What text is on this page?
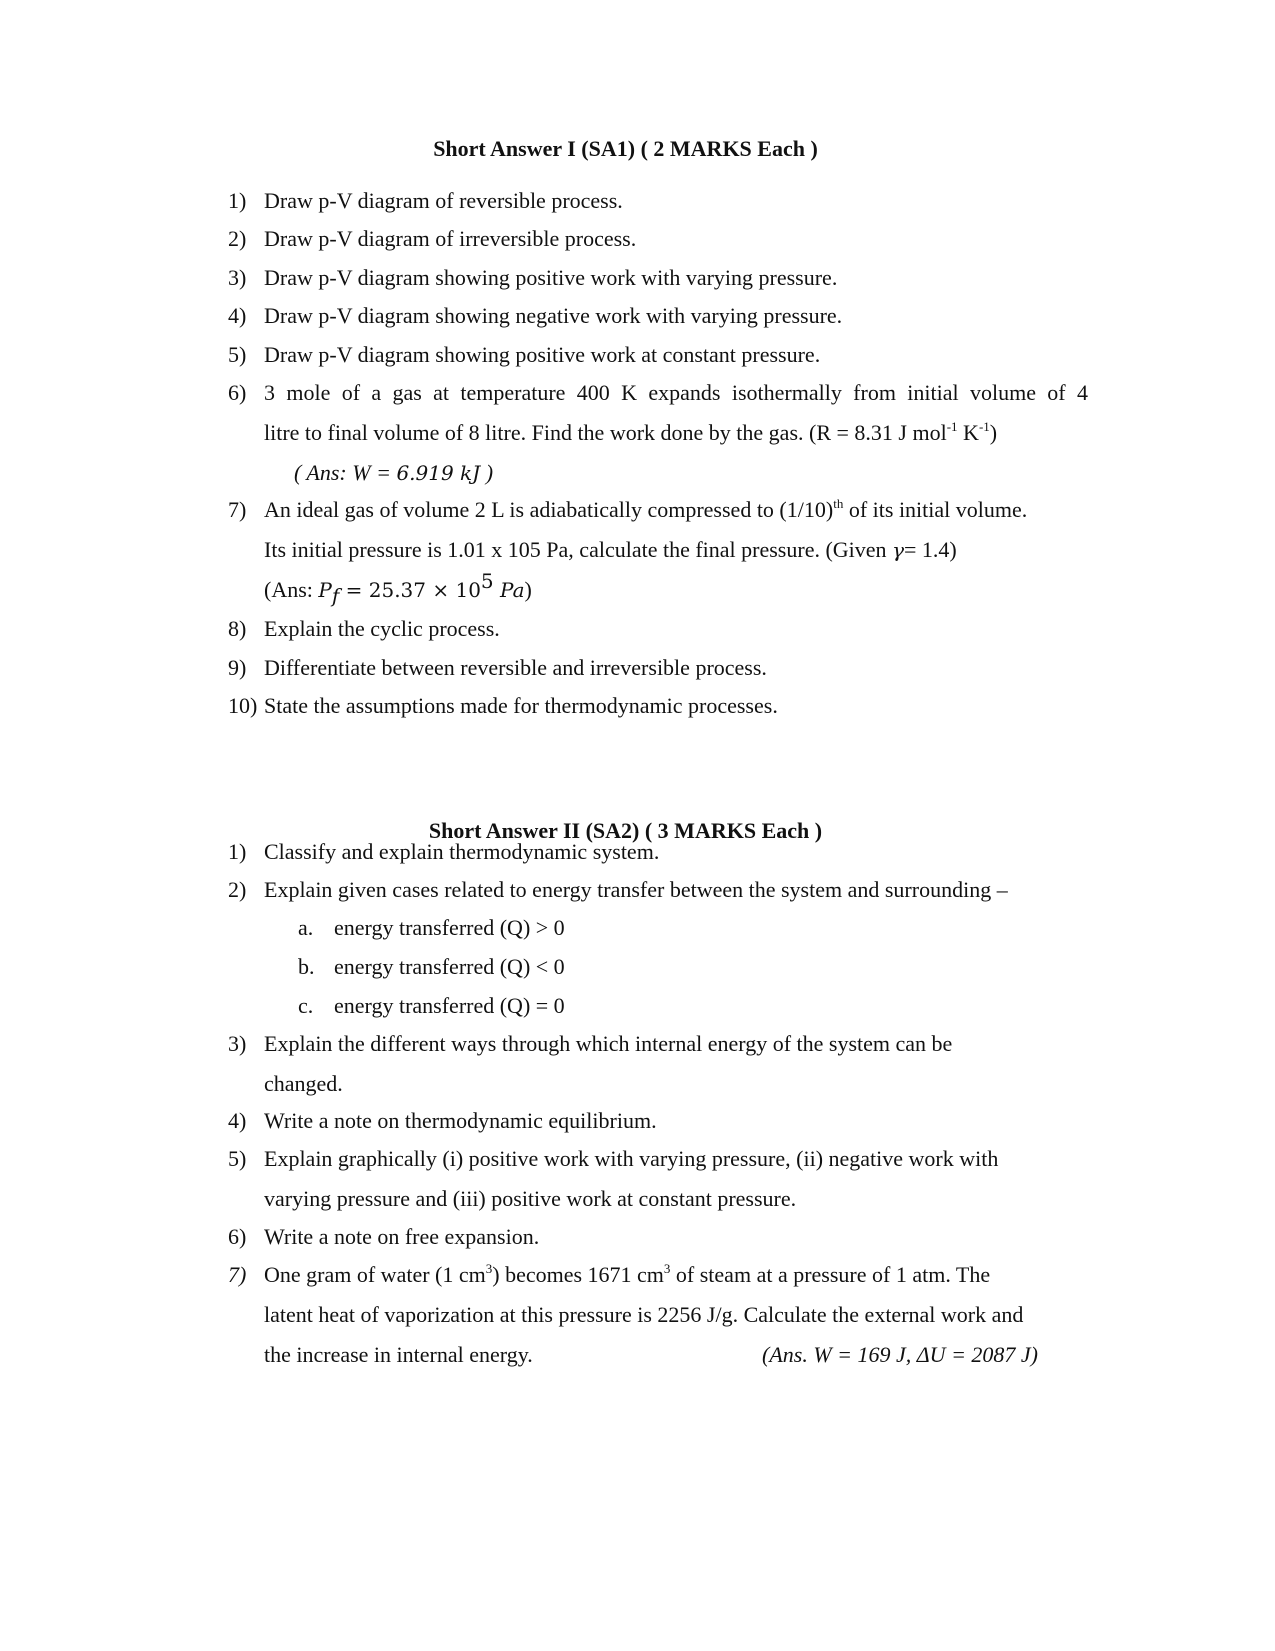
Short Answer I (SA1) ( 2 MARKS Each )
1) Draw p-V diagram of reversible process.
2) Draw p-V diagram of irreversible process.
3) Draw p-V diagram showing positive work with varying pressure.
4) Draw p-V diagram showing negative work with varying pressure.
5) Draw p-V diagram showing positive work at constant pressure.
6) 3 mole of a gas at temperature 400 K expands isothermally from initial volume of 4
litre to final volume of 8 litre. Find the work done by the gas. (R = 8.31 J mol$^{-1}$ $K^{-1}$)
( Ans: W = 6.919 kJ )
7) An ideal gas of volume 2 L is adiabatically compressed to $(1/10)^{th}$ of its initial volume.
Its initial pressure is 1.01 x 105 Pa, calculate the final pressure. (Given γ= 1.4)
(Ans: $P_f = 25.37 \times 10^5$ Pa)
8) Explain the cyclic process.
9) Differentiate between reversible and irreversible process.
10) State the assumptions made for thermodynamic processes.
Short Answer II (SA2) ( 3 MARKS Each )
1) Classify and explain thermodynamic system.
2) Explain given cases related to energy transfer between the system and surrounding –
a. energy transferred (Q) > 0
b. energy transferred (Q) < 0
c. energy transferred (Q) = 0
3) Explain the different ways through which internal energy of the system can be
changed.
4) Write a note on thermodynamic equilibrium.
5) Explain graphically (i) positive work with varying pressure, (ii) negative work with
varying pressure and (iii) positive work at constant pressure.
6) Write a note on free expansion.
7) One gram of water (1 $cm^3$) becomes 1671 $cm^3$ of steam at a pressure of 1 atm. The
latent heat of vaporization at this pressure is 2256 J/g. Calculate the external work and
the increase in internal energy.	(Ans. W = 169 J, ΔU = 2087 J)
